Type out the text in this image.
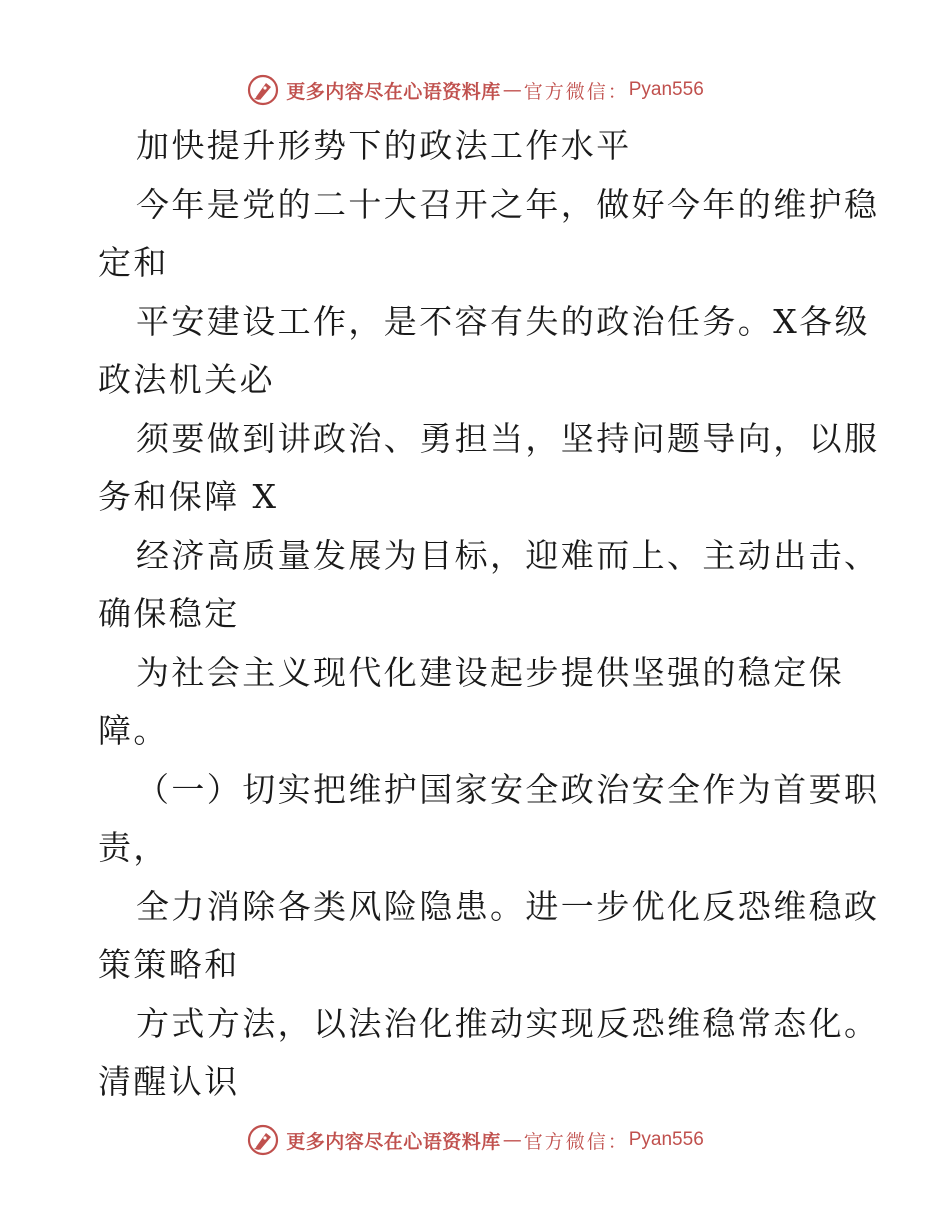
更多内容尽在心语资料库 — 官方微信： Pyan556
加快提升形势下的政法工作水平
今年是党的二十大召开之年，做好今年的维护稳
定和
平安建设工作，是不容有失的政治任务。X各级
政法机关必
须要做到讲政治、勇担当，坚持问题导向，以服
务和保障 X
经济高质量发展为目标，迎难而上、主动出击、
确保稳定
为社会主义现代化建设起步提供坚强的稳定保
障。
（一）切实把维护国家安全政治安全作为首要职
责，
全力消除各类风险隐患。进一步优化反恐维稳政
策策略和
方式方法，以法治化推动实现反恐维稳常态化。
清醒认识
更多内容尽在心语资料库 — 官方微信： Pyan556
